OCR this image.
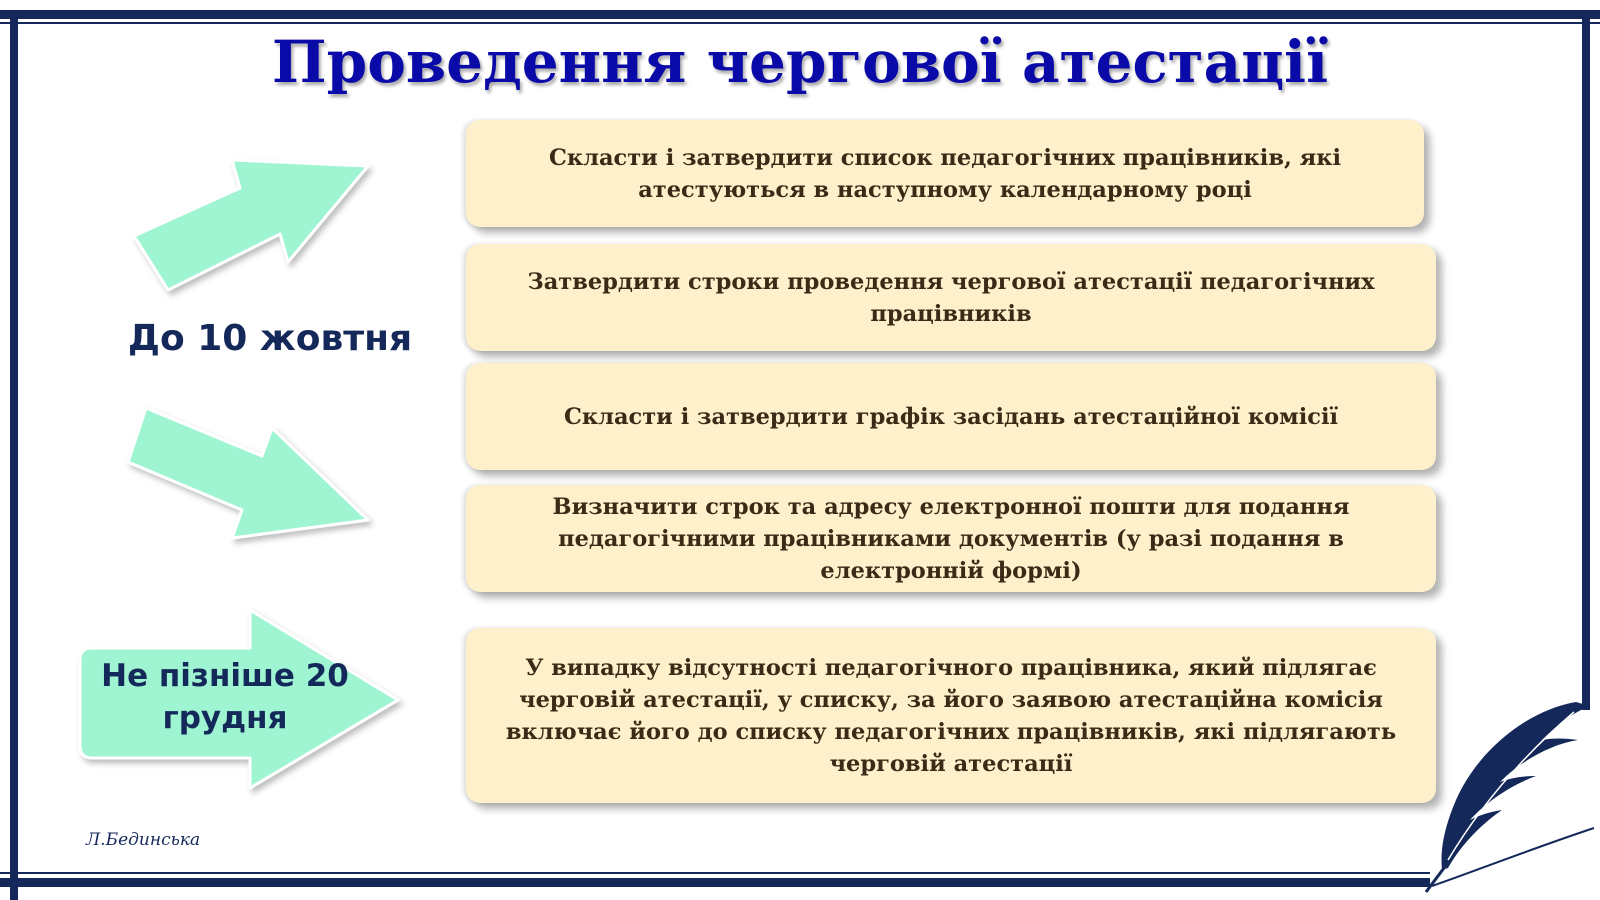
Проведення чергової атестації
До 10 жовтня
Не пізніше 20 грудня
Скласти і затвердити список педагогічних працівників, які атестуються в наступному календарному році
Затвердити строки проведення чергової атестації педагогічних працівників
Скласти і затвердити графік засідань атестаційної комісії
Визначити строк та адресу електронної пошти для подання педагогічними працівниками документів (у разі подання в електронній формі)
У випадку відсутності педагогічного працівника, який підлягає черговій атестації, у списку, за його заявою атестаційна комісія включає його до списку педагогічних працівників, які підлягають черговій атестації
Л.Бединська
